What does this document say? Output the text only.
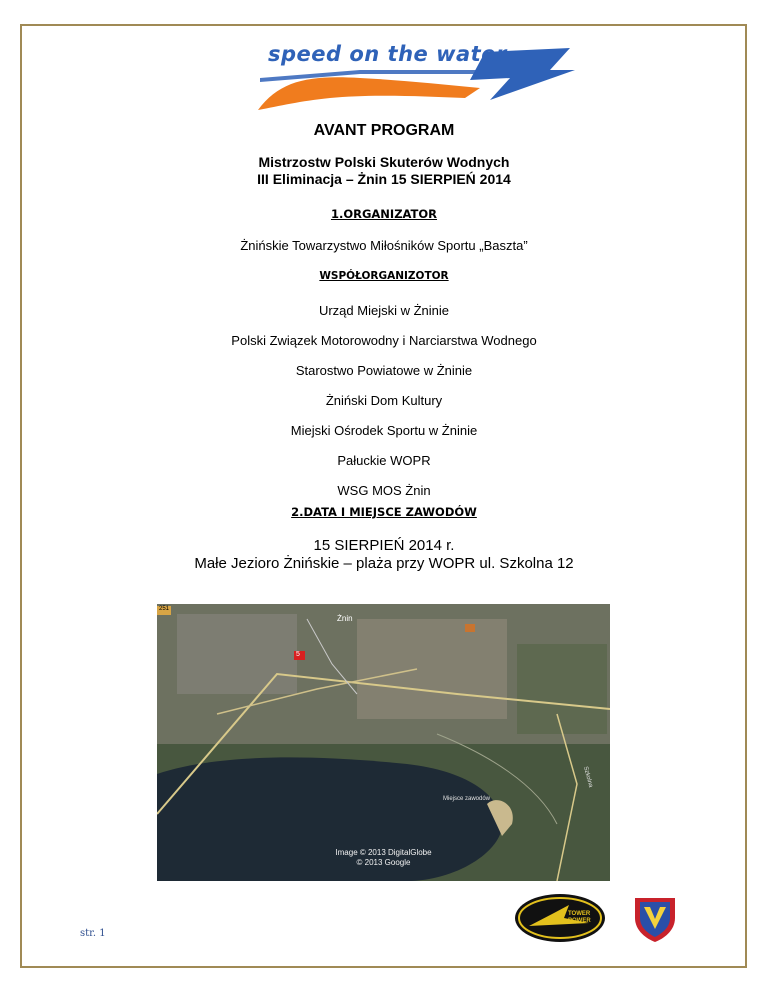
speed on the water
AVANT PROGRAM
Mistrzostw Polski Skuterów Wodnych
III Eliminacja – Żnin 15 SIERPIEŃ 2014
1.ORGANIZATOR
Żnińskie Towarzystwo Miłośników Sportu „Baszta”
WSPÓŁORGANIZOTOR
Urząd Miejski w Żninie
Polski Związek Motorowodny i Narciarstwa Wodnego
Starostwo Powiatowe w Żninie
Żniński Dom Kultury
Miejski Ośrodek Sportu w Żninie
Pałuckie WOPR
WSG MOS Żnin
2.DATA I MIEJSCE ZAWODÓW
15 SIERPIEŃ 2014 r.
Małe Jezioro Żnińskie – plaża przy WOPR ul. Szkolna 12
251
Żnin
5
Miejsce zawodów
Szkolna
Image © 2013 DigitalGlobe
© 2013 Google
str. 1
TOWER
POWER
